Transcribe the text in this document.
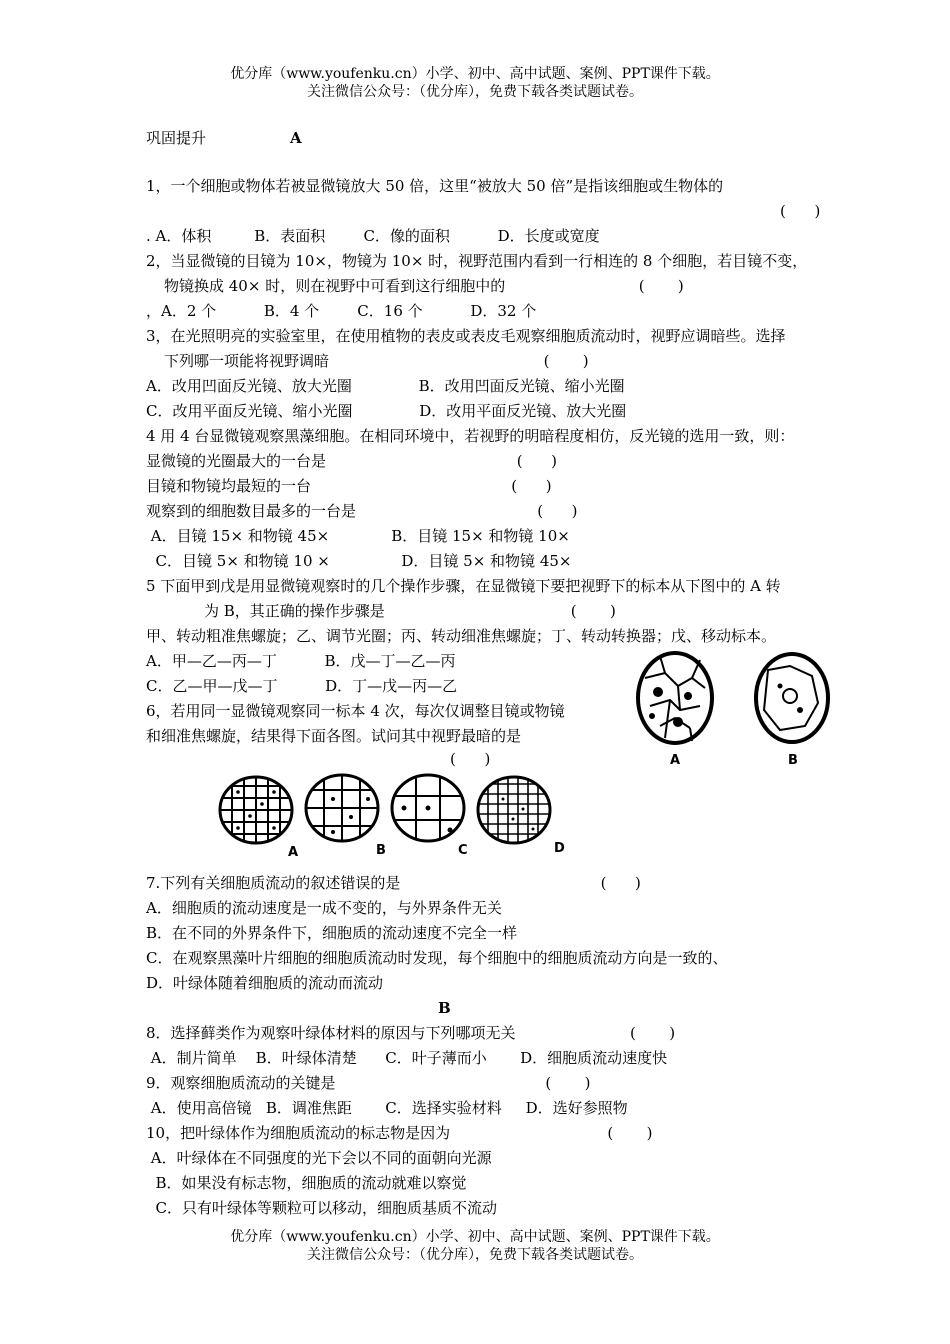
优分库（www.youfenku.cn）小学、初中、高中试题、案例、PPT课件下载。
关注微信公众号：（优分库），免费下载各类试题试卷。
巩固提升	A
1，一个细胞或物体若被显微镜放大 50 倍，这里“被放大 50 倍”是指该细胞或生物体的
(      )
. A．体积         B．表面积        C．像的面积          D．长度或宽度
2，当显微镜的目镜为 10×，物镜为 10× 时，视野范围内看到一行相连的 8 个细胞，若目镜不变，
物镜换成 40× 时，则在视野中可看到这行细胞中的                            (       )
，A．2 个          B．4 个        C．16 个          D．32 个
3，在光照明亮的实验室里，在使用植物的表皮或表皮毛观察细胞质流动时，视野应调暗些。选择
下列哪一项能将视野调暗                                             (       )
A．改用凹面反光镜、放大光圈              B．改用凹面反光镜、缩小光圈
C．改用平面反光镜、缩小光圈              D．改用平面反光镜、放大光圈
4 用 4 台显微镜观察黑藻细胞。在相同环境中，若视野的明暗程度相仿，反光镜的选用一致，则：
显微镜的光圈最大的一台是                                        (      )
目镜和物镜均最短的一台                                          (      )
观察到的细胞数目最多的一台是                                      (      )
A．目镜 15× 和物镜 45×             B．目镜 15× 和物镜 10×
C．目镜 5× 和物镜 10 ×               D．目镜 5× 和物镜 45×
5 下面甲到戊是用显微镜观察时的几个操作步骤，在显微镜下要把视野下的标本从下图中的 A 转
为 B，其正确的操作步骤是                                       (       )
甲、转动粗准焦螺旋；乙、调节光圈；丙、转动细准焦螺旋；丁、转动转换器；戊、移动标本。
A．甲—乙—丙—丁          B．戊—丁—乙—丙
C．乙—甲—戊—丁          D．丁—戊—丙—乙
6，若用同一显微镜观察同一标本 4 次，每次仅调整目镜或物镜
和细准焦螺旋，结果得下面各图。试问其中视野最暗的是
(      )	A	B
A	B	C	D
7.下列有关细胞质流动的叙述错误的是                                          (      )
A．细胞质的流动速度是一成不变的，与外界条件无关
B．在不同的外界条件下，细胞质的流动速度不完全一样
C．在观察黑藻叶片细胞的细胞质流动时发现，每个细胞中的细胞质流动方向是一致的、
D．叶绿体随着细胞质的流动而流动
B
8．选择藓类作为观察叶绿体材料的原因与下列哪项无关                        (       )
A．制片简单    B．叶绿体清楚      C．叶子薄而小       D．细胞质流动速度快
9．观察细胞质流动的关键是                                            (       )
A．使用高倍镜   B．调准焦距       C．选择实验材料     D．选好参照物
10，把叶绿体作为细胞质流动的标志物是因为                                 (       )
A．叶绿体在不同强度的光下会以不同的面朝向光源
B．如果没有标志物，细胞质的流动就难以察觉
C．只有叶绿体等颗粒可以移动，细胞质基质不流动
优分库（www.youfenku.cn）小学、初中、高中试题、案例、PPT课件下载。
关注微信公众号：（优分库），免费下载各类试题试卷。
